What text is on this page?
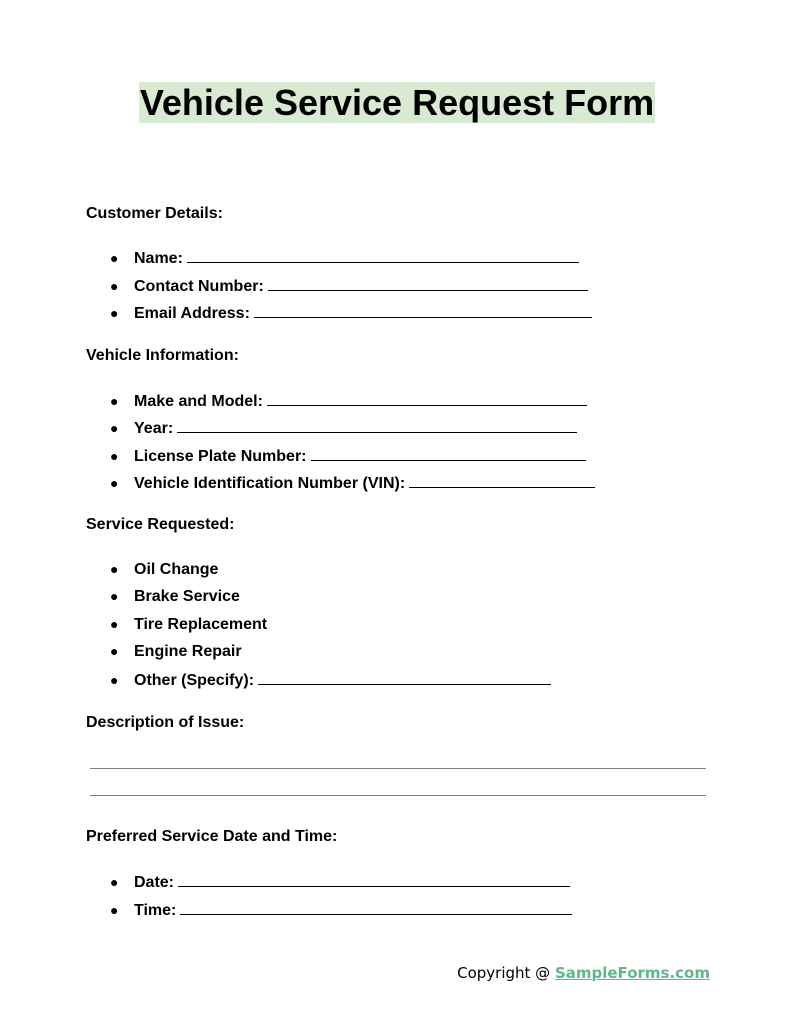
Vehicle Service Request Form
Customer Details:
● Name:
● Contact Number:
● Email Address:
Vehicle Information:
● Make and Model:
● Year:
● License Plate Number:
● Vehicle Identification Number (VIN):
Service Requested:
● Oil Change
● Brake Service
● Tire Replacement
● Engine Repair
● Other (Specify):
Description of Issue:
Preferred Service Date and Time:
● Date:
● Time:
Copyright @ SampleForms.com
